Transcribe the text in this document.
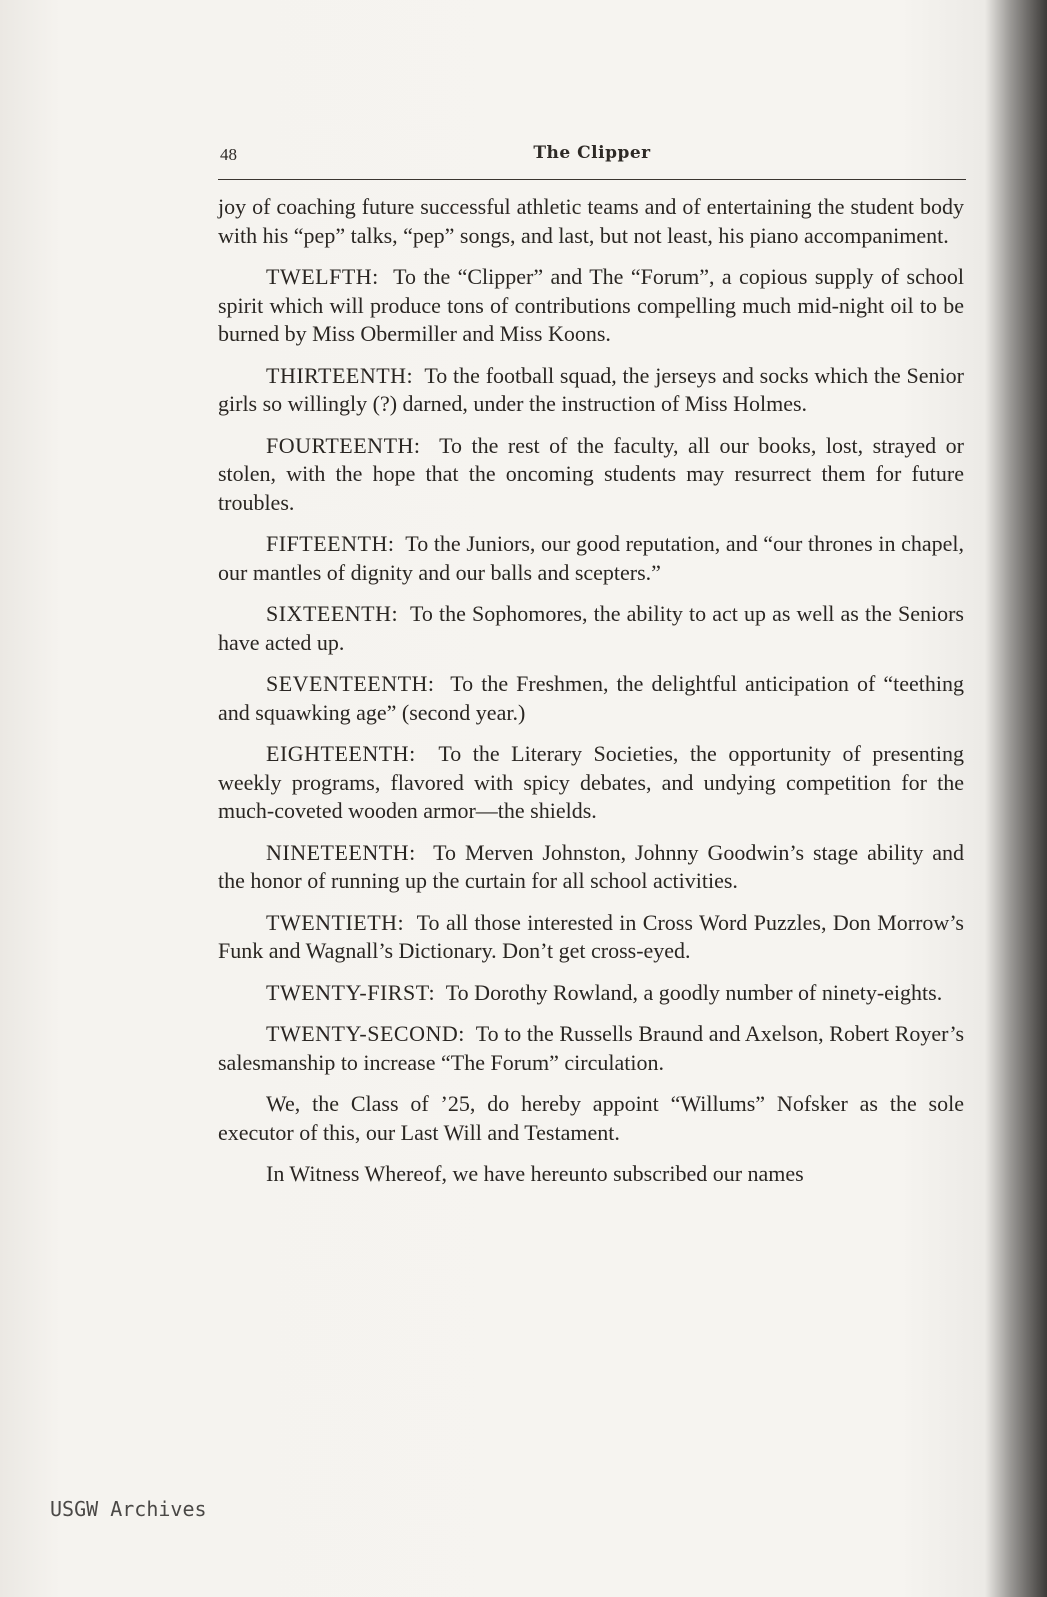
48	The Clipper

joy of coaching future successful athletic teams and of entertaining the student body with his “pep” talks, “pep” songs, and last, but not least, his piano accompaniment.

TWELFTH: To the “Clipper” and The “Forum”, a copious supply of school spirit which will produce tons of contributions compelling much mid-night oil to be burned by Miss Obermiller and Miss Koons.

THIRTEENTH: To the football squad, the jerseys and socks which the Senior girls so willingly (?) darned, under the instruction of Miss Holmes.

FOURTEENTH: To the rest of the faculty, all our books, lost, strayed or stolen, with the hope that the oncoming students may resurrect them for future troubles.

FIFTEENTH: To the Juniors, our good reputation, and “our thrones in chapel, our mantles of dignity and our balls and scepters.”

SIXTEENTH: To the Sophomores, the ability to act up as well as the Seniors have acted up.

SEVENTEENTH: To the Freshmen, the delightful anticipation of “teething and squawking age” (second year.)

EIGHTEENTH: To the Literary Societies, the opportunity of presenting weekly programs, flavored with spicy debates, and undying competition for the much-coveted wooden armor—the shields.

NINETEENTH: To Merven Johnston, Johnny Goodwin’s stage ability and the honor of running up the curtain for all school activities.

TWENTIETH: To all those interested in Cross Word Puzzles, Don Morrow’s Funk and Wagnall’s Dictionary. Don’t get cross-eyed.

TWENTY-FIRST: To Dorothy Rowland, a goodly number of ninety-eights.

TWENTY-SECOND: To to the Russells Braund and Axelson, Robert Royer’s salesmanship to increase “The Forum” circulation.

We, the Class of ’25, do hereby appoint “Willums” Nofsker as the sole executor of this, our Last Will and Testament.

In Witness Whereof, we have hereunto subscribed our names

USGW Archives
